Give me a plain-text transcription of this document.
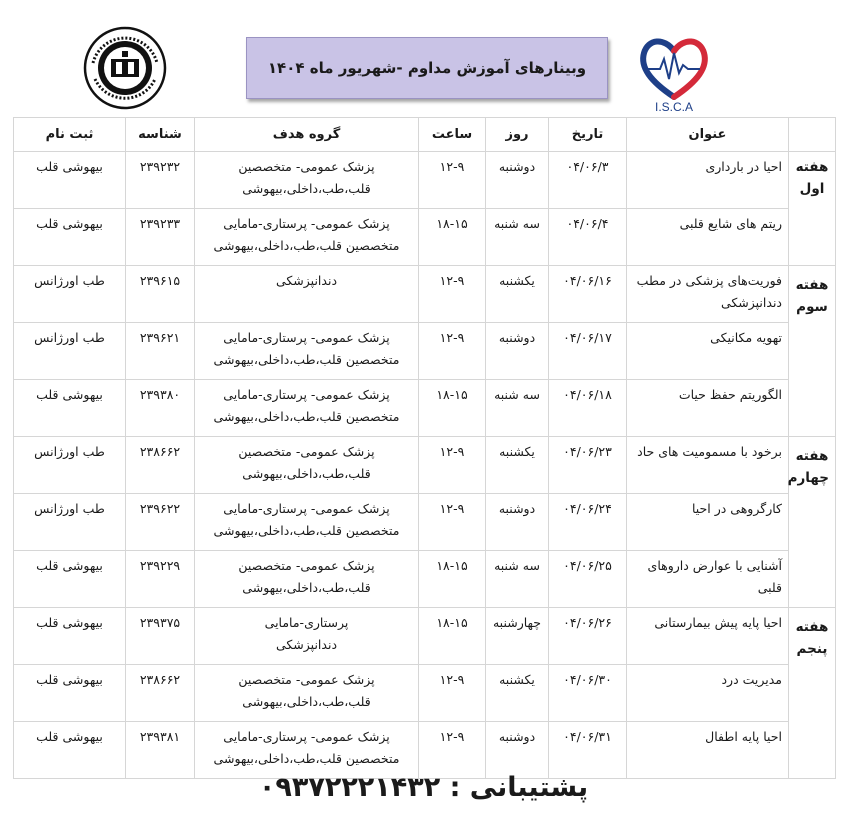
وبینارهای آموزش مداوم -شهریور ماه ۱۴۰۴
I.S.C.A
	عنوان	تاریخ	روز	ساعت	گروه هدف	شناسه	ثبت نام
هفته اول	احیا در بارداری	۰۴/۰۶/۳	دوشنبه	۱۲-۹	پزشک عمومی- متخصصین
قلب،طب،داخلی،بیهوشی	۲۳۹۲۳۲	بیهوشی قلب
	ریتم های شایع قلبی	۰۴/۰۶/۴	سه شنبه	۱۸-۱۵	پزشک عمومی- پرستاری-مامایی
متخصصین قلب،طب،داخلی،بیهوشی	۲۳۹۲۳۳	بیهوشی قلب
هفته سوم	فوریت‌های پزشکی در مطب دندانپزشکی	۰۴/۰۶/۱۶	یکشنبه	۱۲-۹	دندانپزشکی	۲۳۹۶۱۵	طب اورژانس
	تهویه مکانیکی	۰۴/۰۶/۱۷	دوشنبه	۱۲-۹	پزشک عمومی- پرستاری-مامایی
متخصصین قلب،طب،داخلی،بیهوشی	۲۳۹۶۲۱	طب اورژانس
	الگوریتم حفظ حیات	۰۴/۰۶/۱۸	سه شنبه	۱۸-۱۵	پزشک عمومی- پرستاری-مامایی
متخصصین قلب،طب،داخلی،بیهوشی	۲۳۹۳۸۰	بیهوشی قلب
هفته چهارم	برخود با مسمومیت های حاد	۰۴/۰۶/۲۳	یکشنبه	۱۲-۹	پزشک عمومی- متخصصین
قلب،طب،داخلی،بیهوشی	۲۳۸۶۶۲	طب اورژانس
	کارگروهی در احیا	۰۴/۰۶/۲۴	دوشنبه	۱۲-۹	پزشک عمومی- پرستاری-مامایی
متخصصین قلب،طب،داخلی،بیهوشی	۲۳۹۶۲۲	طب اورژانس
	آشنایی با عوارض داروهای قلبی	۰۴/۰۶/۲۵	سه شنبه	۱۸-۱۵	پزشک عمومی- متخصصین
قلب،طب،داخلی،بیهوشی	۲۳۹۲۲۹	بیهوشی قلب
هفته پنجم	احیا پایه پیش بیمارستانی	۰۴/۰۶/۲۶	چهارشنبه	۱۸-۱۵	پرستاری-مامایی
دندانپزشکی	۲۳۹۳۷۵	بیهوشی قلب
	مدیریت درد	۰۴/۰۶/۳۰	یکشنبه	۱۲-۹	پزشک عمومی- متخصصین
قلب،طب،داخلی،بیهوشی	۲۳۸۶۶۲	بیهوشی قلب
	احیا پایه اطفال	۰۴/۰۶/۳۱	دوشنبه	۱۲-۹	پزشک عمومی- پرستاری-مامایی
متخصصین قلب،طب،داخلی،بیهوشی	۲۳۹۳۸۱	بیهوشی قلب
پشتیبانی : ۰۹۳۷۲۲۲۱۴۳۲
